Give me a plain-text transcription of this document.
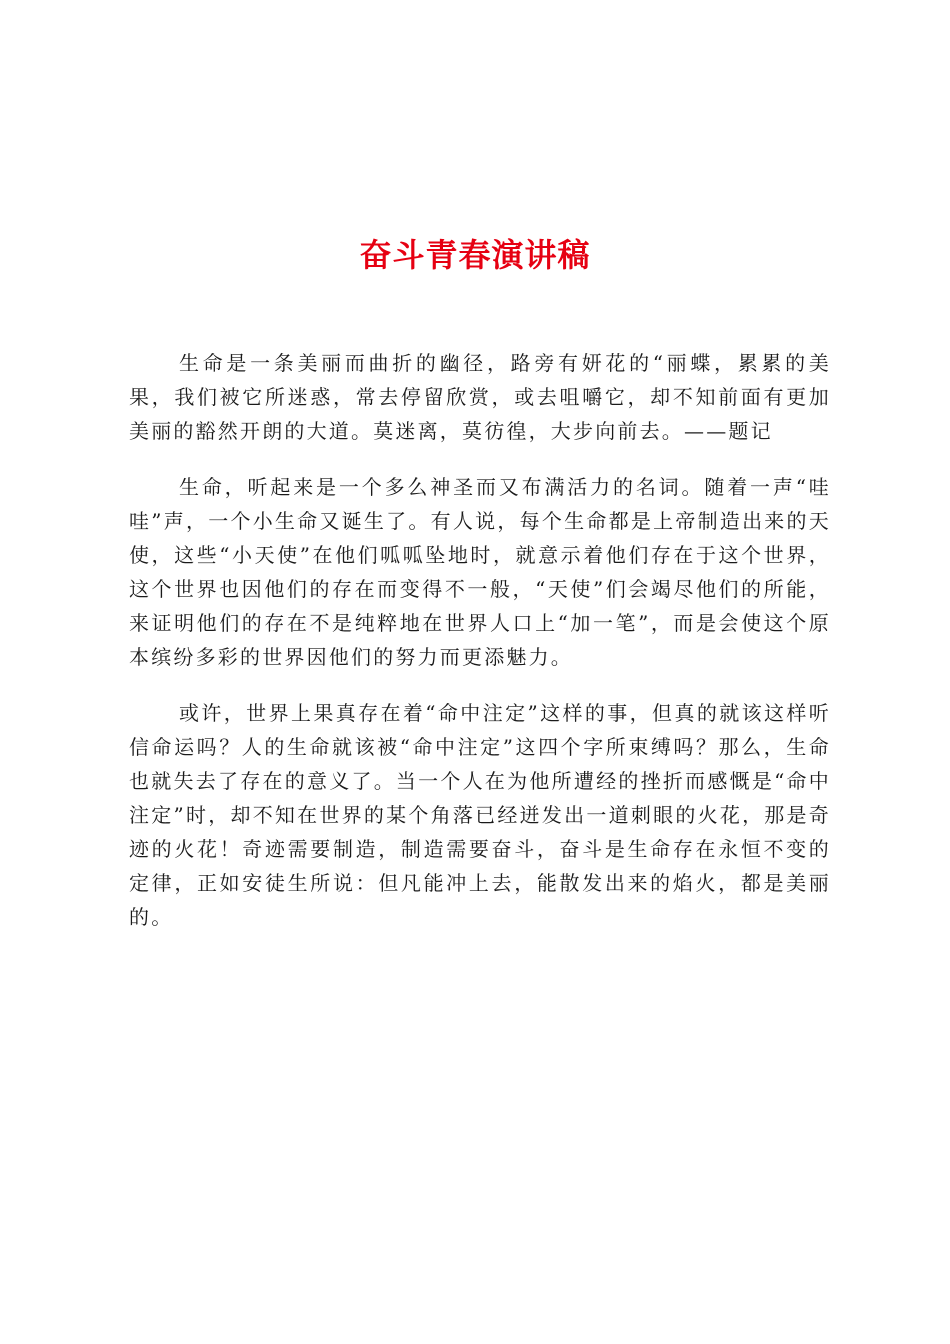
奋斗青春演讲稿

生命是一条美丽而曲折的幽径，路旁有妍花的“丽蝶，累累的美果，我们被它所迷惑，常去停留欣赏，或去咀嚼它，却不知前面有更加美丽的豁然开朗的大道。莫迷离，莫彷徨，大步向前去。——题记

生命，听起来是一个多么神圣而又布满活力的名词。随着一声“哇哇”声，一个小生命又诞生了。有人说，每个生命都是上帝制造出来的天使，这些“小天使”在他们呱呱坠地时，就意示着他们存在于这个世界，这个世界也因他们的存在而变得不一般，“天使”们会竭尽他们的所能，来证明他们的存在不是纯粹地在世界人口上“加一笔”，而是会使这个原本缤纷多彩的世界因他们的努力而更添魅力。

或许，世界上果真存在着“命中注定”这样的事，但真的就该这样听信命运吗？人的生命就该被“命中注定”这四个字所束缚吗？那么，生命也就失去了存在的意义了。当一个人在为他所遭经的挫折而感慨是“命中注定”时，却不知在世界的某个角落已经迸发出一道刺眼的火花，那是奇迹的火花！奇迹需要制造，制造需要奋斗，奋斗是生命存在永恒不变的定律，正如安徒生所说：但凡能冲上去，能散发出来的焰火，都是美丽的。
